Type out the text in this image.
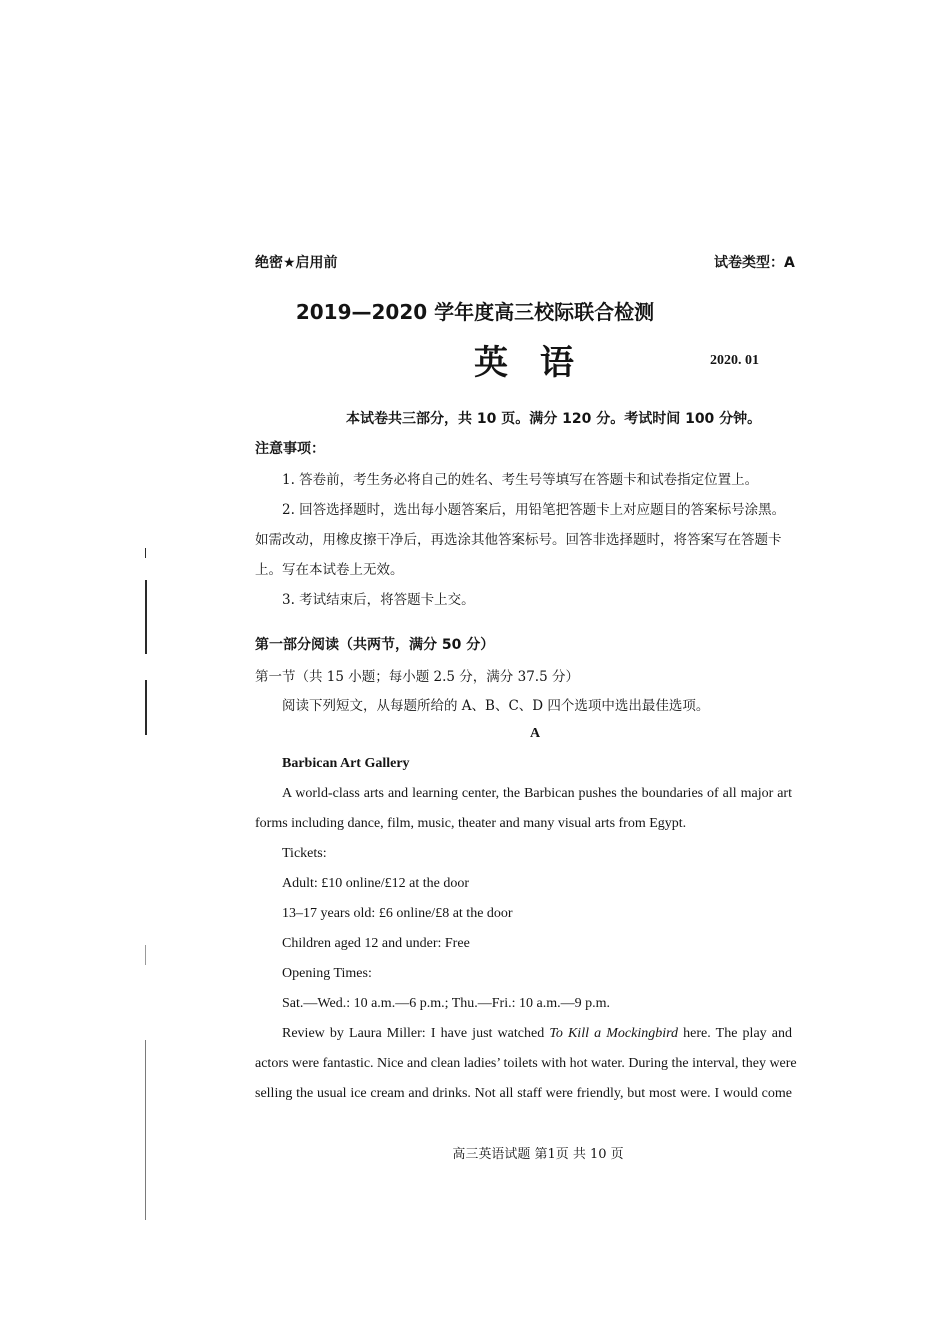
绝密★启用前	试卷类型：A
2019—2020 学年度高三校际联合检测
英 语	2020. 01
本试卷共三部分，共 10 页。满分 120 分。考试时间 100 分钟。
注意事项：
1. 答卷前，考生务必将自己的姓名、考生号等填写在答题卡和试卷指定位置上。
2. 回答选择题时，选出每小题答案后，用铅笔把答题卡上对应题目的答案标号涂黑。
如需改动，用橡皮擦干净后，再选涂其他答案标号。回答非选择题时，将答案写在答题卡
上。写在本试卷上无效。
3. 考试结束后，将答题卡上交。
第一部分阅读（共两节，满分 50 分）
第一节（共 15 小题；每小题 2.5 分，满分 37.5 分）
阅读下列短文，从每题所给的 A、B、C、D 四个选项中选出最佳选项。
A
Barbican Art Gallery
A world-class arts and learning center, the Barbican pushes the boundaries of all major art
forms including dance, film, music, theater and many visual arts from Egypt.
Tickets:
Adult: £10 online/£12 at the door
13–17 years old: £6 online/£8 at the door
Children aged 12 and under: Free
Opening Times:
Sat.—Wed.: 10 a.m.—6 p.m.; Thu.—Fri.: 10 a.m.—9 p.m.
Review by Laura Miller: I have just watched To Kill a Mockingbird here. The play and
actors were fantastic. Nice and clean ladies’ toilets with hot water. During the interval, they were
selling the usual ice cream and drinks. Not all staff were friendly, but most were. I would come
高三英语试题 第1页 共 10 页
